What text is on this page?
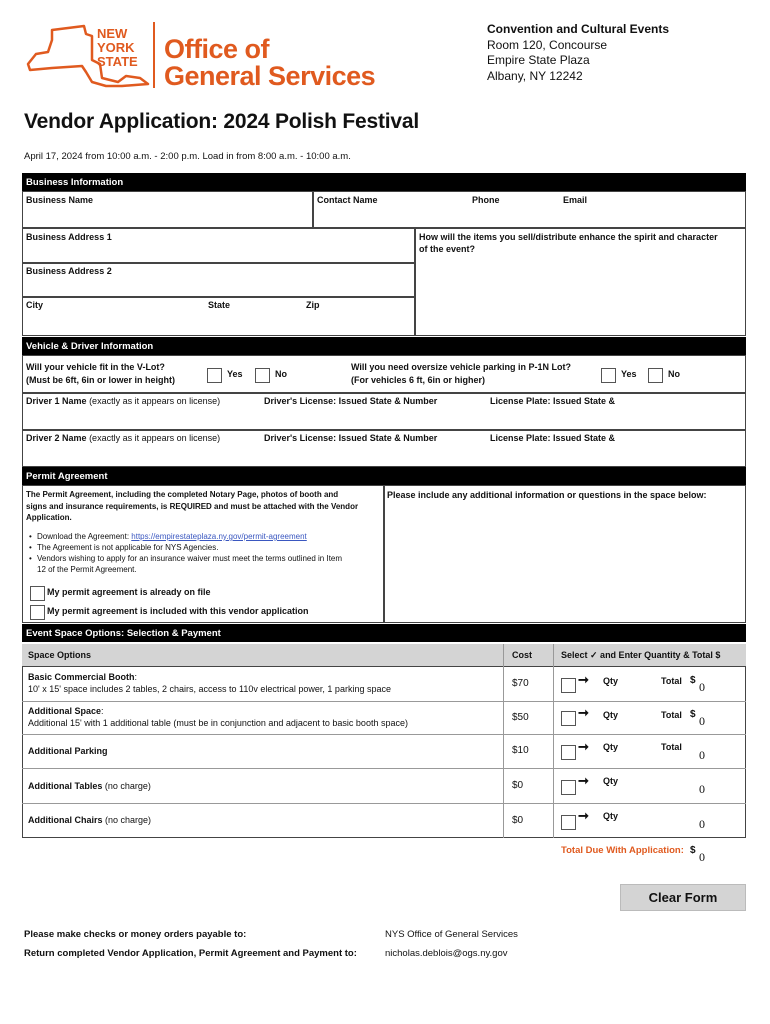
NEW
YORK
STATE Office of
General Services
Convention and Cultural Events
Room 120, Concourse
Empire State Plaza
Albany, NY 12242
Vendor Application: 2024 Polish Festival
April 17, 2024 from 10:00 a.m. - 2:00 p.m. Load in from 8:00 a.m. - 10:00 a.m.
Business Information
Business Name	Contact Name	Phone	Email
Business Address 1
Business Address 2
City	State	Zip
How will the items you sell/distribute enhance the spirit and character
of the event?
Vehicle & Driver Information
Will your vehicle fit in the V-Lot?
(Must be 6ft, 6in or lower in height)
Yes	No
Will you need oversize vehicle parking in P-1N Lot?
(For vehicles 6 ft, 6in or higher)
Yes	No
Driver 1 Name (exactly as it appears on license)	Driver's License: Issued State & Number	License Plate: Issued State &
Driver 2 Name (exactly as it appears on license)	Driver's License: Issued State & Number	License Plate: Issued State &
Permit Agreement
The Permit Agreement, including the completed Notary Page, photos of booth and
signs and insurance requirements, is REQUIRED and must be attached with the Vendor
Application.
• Download the Agreement: https://empirestateplaza.ny.gov/permit-agreement
• The Agreement is not applicable for NYS Agencies.
• Vendors wishing to apply for an insurance waiver must meet the terms outlined in Item
12 of the Permit Agreement.
My permit agreement is already on file
My permit agreement is included with this vendor application
Please include any additional information or questions in the space below:
Event Space Options: Selection & Payment
Space Options	Cost	Select ✓ and Enter Quantity & Total $
Basic Commercial Booth:
10' x 15' space includes 2 tables, 2 chairs, access to 110v electrical power, 1 parking space	$70	➞ Qty	Total $ 0
Additional Space:
Additional 15' with 1 additional table (must be in conjunction and adjacent to basic booth space)	$50	➞ Qty	Total $ 0
Additional Parking	$10	➞ Qty	Total
0
Additional Tables (no charge)	$0	➞ Qty
0
Additional Chairs (no charge)	$0	➞ Qty
0
Total Due With Application: $ 0
Clear Form
Please make checks or money orders payable to:	NYS Office of General Services
Return completed Vendor Application, Permit Agreement and Payment to:	nicholas.deblois@ogs.ny.gov
